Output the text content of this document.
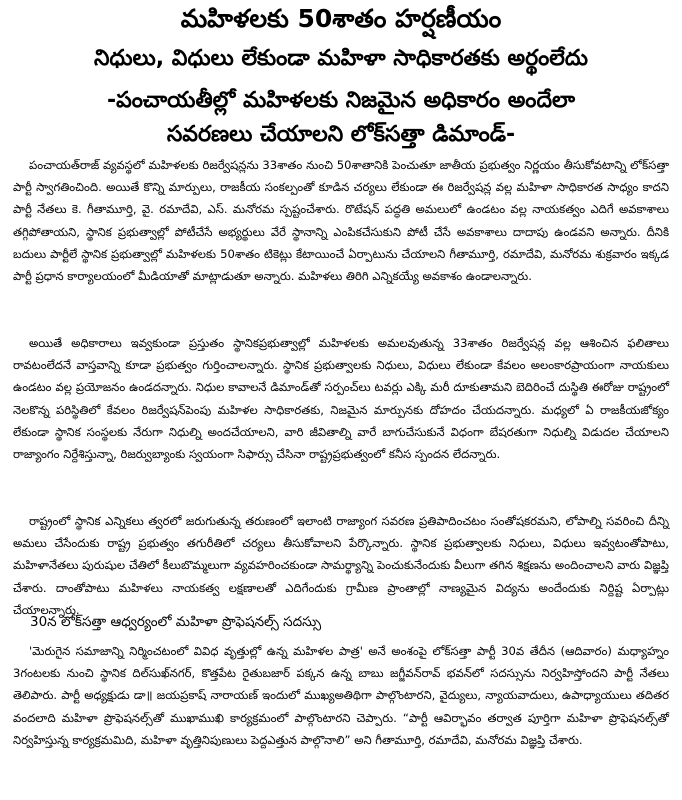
మహిళలకు 50శాతం హర్షణీయం
నిధులు, విధులు లేకుండా మహిళా సాధికారతకు అర్థంలేదు
-పంచాయతీల్లో మహిళలకు నిజమైన అధికారం అందేలా
సవరణలు చేయాలని లోక్‌సత్తా డిమాండ్-

పంచాయత్‌రాజ్ వ్యవస్థలో మహిళలకు రిజర్వేషన్లను 33శాతం నుంచి 50శాతానికి పెంచుతూ జాతీయ ప్రభుత్వం నిర్ణయం తీసుకోవటాన్ని లోక్‌సత్తా పార్టీ స్వాగతించింది. అయితే కొన్ని మార్పులు, రాజకీయ సంకల్పంతో కూడిన చర్యలు లేకుండా ఈ రిజర్వేషన్ల వల్ల మహిళా సాధికారత సాధ్యం కాదని పార్టీ నేతలు కె. గీతామూర్తి, వై. రమాదేవి, ఎస్. మనోరమ స్పష్టంచేశారు. రొటేషన్ పద్ధతి అమలులో ఉండటం వల్ల నాయకత్వం ఎదిగే అవకాశాలు తగ్గిపోతాయని, స్థానిక ప్రభుత్వాల్లో పోటీచేసే అభ్యర్థులు వేరే స్థానాన్ని ఎంపికచేసుకుని పోటీ చేసే అవకాశాలు దాదాపు ఉండవని అన్నారు. దీనికి బదులు పార్టీలే స్థానిక ప్రభుత్వాల్లో మహిళలకు 50శాతం టికెట్లు కేటాయించే ఏర్పాటును చేయాలని గీతామూర్తి, రమాదేవి, మనోరమ శుక్రవారం ఇక్కడ పార్టీ ప్రధాన కార్యాలయంలో మీడియాతో మాట్లాడుతూ అన్నారు. మహిళలు తిరిగి ఎన్నికయ్యే అవకాశం ఉండాలన్నారు.

అయితే అధికారాలు ఇవ్వకుండా ప్రస్తుతం స్థానికప్రభుత్వాల్లో మహిళలకు అమలవుతున్న 33శాతం రిజర్వేషన్ల వల్ల ఆశించిన ఫలితాలు రావటంలేదనే వాస్తవాన్ని కూడా ప్రభుత్వం గుర్తించాలన్నారు. స్థానిక ప్రభుత్వాలకు నిధులు, విధులు లేకుండా కేవలం అలంకారప్రాయంగా నాయకులు ఉండటం వల్ల ప్రయోజనం ఉండదన్నారు. నిధుల కావాలనే డిమాండ్‌తో సర్పంచ్‌లు టవర్లు ఎక్కి మరీ దూకుతామని బెదిరించే దుస్థితి ఈరోజు రాష్ట్రంలో నెలకొన్న పరిస్థితిలో కేవలం రిజర్వేషన్‌పెంపు మహిళల సాధికారతకు, నిజమైన మార్పునకు దోహదం చేయదన్నారు. మధ్యలో ఏ రాజకీయజోక్యం లేకుండా స్థానిక సంస్థలకు నేరుగా నిధుల్ని అందచేయాలని, వారి జీవితాల్ని వారే బాగుచేసుకునే విధంగా బేషరతుగా నిధుల్ని విడుదల చేయాలని రాజ్యాంగం నిర్దేశిస్తున్నా, రిజర్వుబ్యాంకు స్వయంగా సిఫార్సు చేసినా రాష్ట్రప్రభుత్వంలో కనీస స్పందన లేదన్నారు.

రాష్ట్రంలో స్థానిక ఎన్నికలు త్వరలో జరుగుతున్న తరుణంలో ఇలాంటి రాజ్యాంగ సవరణ ప్రతిపాదించటం సంతోషకరమని, లోపాల్ని సవరించి దీన్ని అమలు చేసేందుకు రాష్ట్ర ప్రభుత్వం తగురీతిలో చర్యలు తీసుకోవాలని పేర్కొన్నారు. స్థానిక ప్రభుత్వాలకు నిధులు, విధులు ఇవ్వటంతోపాటు, మహిళానేతలు పురుషుల చేతిలో కీలుబొమ్మలుగా వ్యవహరించకుండా సామర్థ్యాన్ని పెంచుకునేందుకు వీలుగా తగిన శిక్షణను అందించాలని వారు విజ్ఞప్తి చేశారు. దాంతోపాటు మహిళలు నాయకత్వ లక్షణాలతో ఎదిగేందుకు గ్రామీణ ప్రాంతాల్లో నాణ్యమైన విద్యను అందేందుకు నిర్దిష్ట ఏర్పాట్లు చేయాలన్నారు.

30న లోక్‌సత్తా ఆధ్వర్యంలో మహిళా ప్రొఫెషనల్స్ సదస్సు

'మెరుగైన సమాజాన్ని నిర్మించటంలో వివిధ వృత్తుల్లో ఉన్న మహిళల పాత్ర' అనే అంశంపై లోక్‌సత్తా పార్టీ 30వ తేదీన (ఆదివారం) మధ్యాహ్నం 3గంటలకు నుంచి స్థానిక దిల్‌సుఖ్‌నగర్, కొత్తపేట రైతుబజార్ పక్కన ఉన్న బాబు జగ్జీవన్‌రావ్ భవన్‌లో సదస్సును నిర్వహిస్తోందని పార్టీ నేతలు తెలిపారు. పార్టీ అధ్యక్షుడు డా॥ జయప్రకాష్ నారాయణ్ ఇందులో ముఖ్యఅతిథిగా పాల్గొంటారని, వైద్యులు, న్యాయవాదులు, ఉపాధ్యాయులు తదితర వందలాది మహిళా ప్రొఫెషనల్స్‌తో ముఖాముఖి కార్యక్రమంలో పాల్గొంటారని చెప్పారు. “పార్టీ ఆవిర్భావం తర్వాత పూర్తిగా మహిళా ప్రొఫెషనల్స్‌తో నిర్వహిస్తున్న కార్యక్రమమిది, మహిళా వృత్తినిపుణులు పెద్దఎత్తున పాల్గొనాలి” అని గీతామూర్తి, రమాదేవి, మనోరమ విజ్ఞప్తి చేశారు.
